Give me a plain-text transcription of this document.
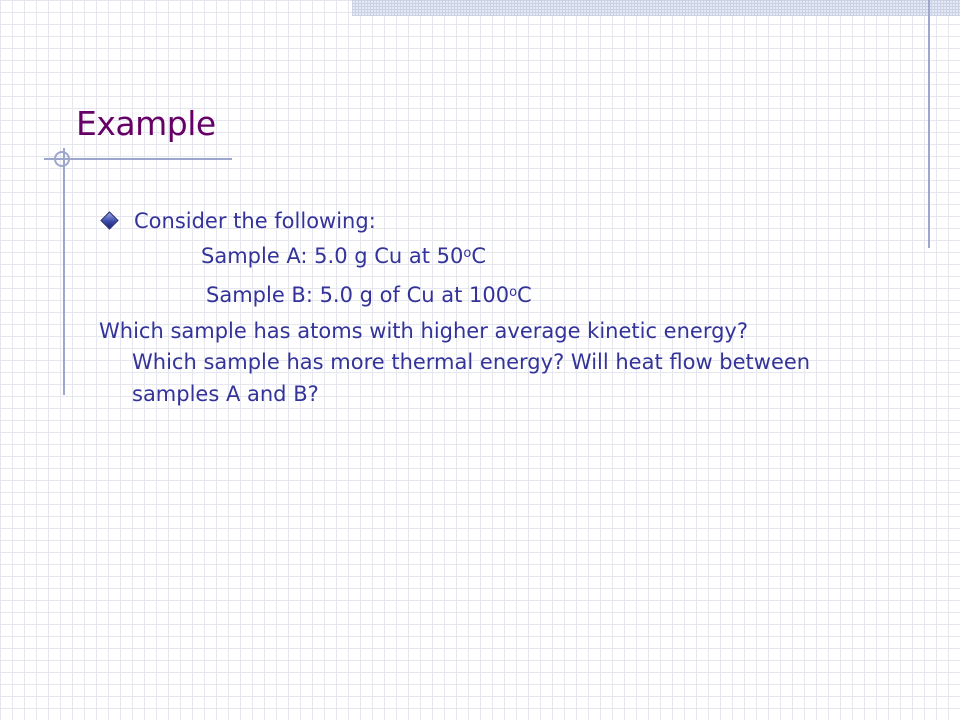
Example
Consider the following:
Sample A: 5.0 g Cu at 50$^o$C
Sample B: 5.0 g of Cu at 100$^o$C
Which sample has atoms with higher average kinetic energy?
Which sample has more thermal energy? Will heat flow between
samples A and B?
